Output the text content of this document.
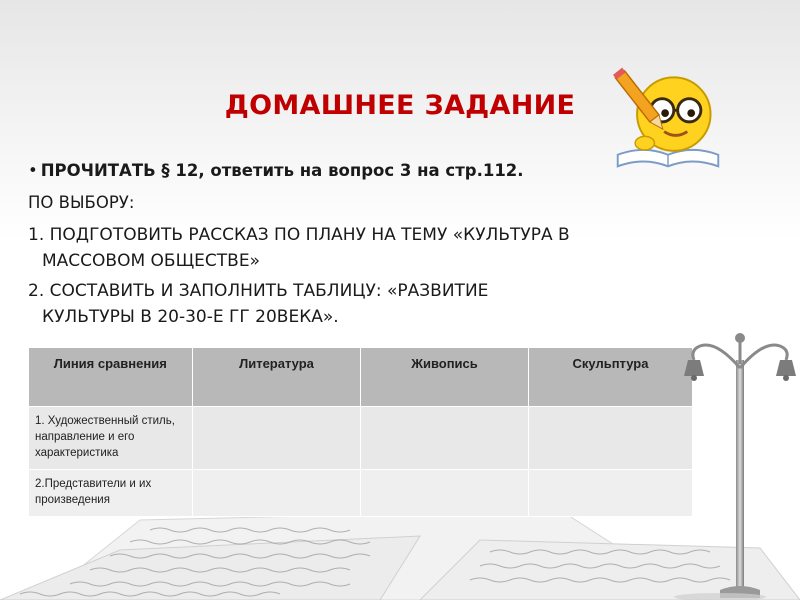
ДОМАШНЕЕ ЗАДАНИЕ
• ПРОЧИТАТЬ § 12, ответить на вопрос 3 на стр.112.
ПО ВЫБОРУ:
1. ПОДГОТОВИТЬ РАССКАЗ ПО ПЛАНУ НА ТЕМУ «КУЛЬТУРА В
МАССОВОМ ОБЩЕСТВЕ»
2. СОСТАВИТЬ И ЗАПОЛНИТЬ ТАБЛИЦУ: «РАЗВИТИЕ
КУЛЬТУРЫ В 20-30-Е ГГ 20ВЕКА».
Линия сравнения	Литература	Живопись	Скульптура
1. Художественный стиль, направление и его характеристика			
2.Представители и их произведения			
